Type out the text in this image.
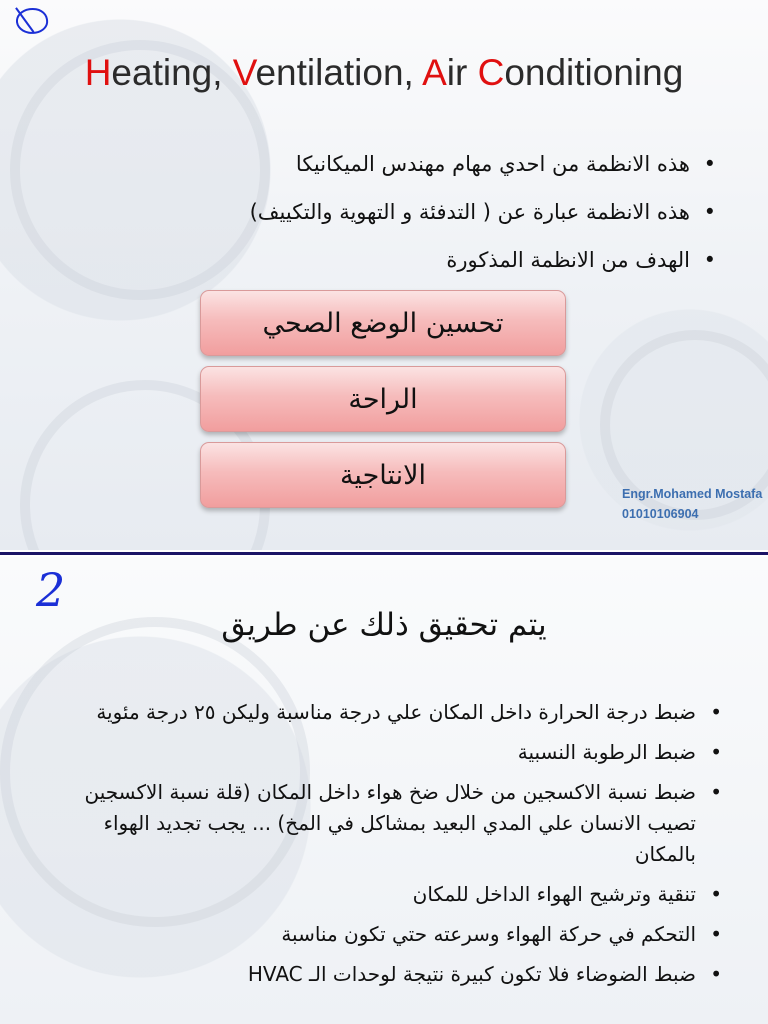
Heating, Ventilation, Air Conditioning
• هذه الانظمة من احدي مهام مهندس الميكانيكا
• هذه الانظمة عبارة عن ( التدفئة و التهوية والتكييف)
• الهدف من الانظمة المذكورة
تحسين الوضع الصحي
الراحة
الانتاجية
Engr.Mohamed Mostafa
01010106904
2
يتم تحقيق ذلك عن طريق
• ضبط درجة الحرارة داخل المكان علي درجة مناسبة وليكن ٢٥ درجة مئوية
• ضبط الرطوبة النسبية
• ضبط نسبة الاكسجين من خلال ضخ هواء داخل المكان (قلة نسبة الاكسجين تصيب الانسان علي المدي البعيد بمشاكل في المخ) ... يجب تجديد الهواء بالمكان
• تنقية وترشيح الهواء الداخل للمكان
• التحكم في حركة الهواء وسرعته حتي تكون مناسبة
• ضبط الضوضاء فلا تكون كبيرة نتيجة لوحدات الـ HVAC
